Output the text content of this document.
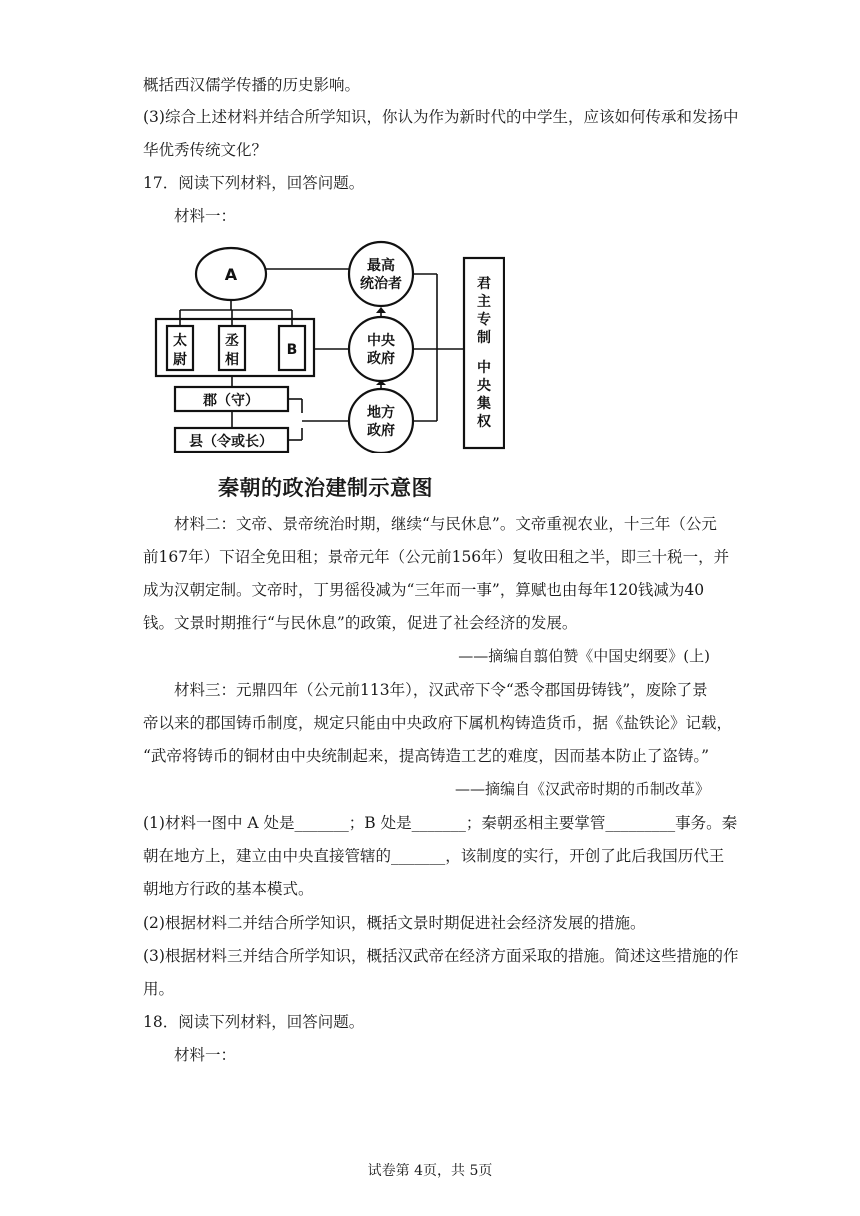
概括西汉儒学传播的历史影响。
(3)综合上述材料并结合所学知识，你认为作为新时代的中学生，应该如何传承和发扬中
华优秀传统文化？
17．阅读下列材料，回答问题。
材料一：
A
太
尉
丞
相
B
郡（守）
县（令或长）
最高
统治者
中央
政府
地方
政府
君
主
专
制
中
央
集
权
秦朝的政治建制示意图
材料二：文帝、景帝统治时期，继续“与民休息”。文帝重视农业，十三年（公元
前167年）下诏全免田租；景帝元年（公元前156年）复收田租之半，即三十税一，并
成为汉朝定制。文帝时，丁男徭役减为“三年而一事”，算赋也由每年120钱减为40
钱。文景时期推行“与民休息”的政策，促进了社会经济的发展。
——摘编自翦伯赞《中国史纲要》(上)
材料三：元鼎四年（公元前113年），汉武帝下令“悉令郡国毋铸钱”，废除了景
帝以来的郡国铸币制度，规定只能由中央政府下属机构铸造货币，据《盐铁论》记载，
“武帝将铸币的铜材由中央统制起来，提高铸造工艺的难度，因而基本防止了盗铸。”
——摘编自《汉武帝时期的币制改革》
(1)材料一图中 A 处是_______；B 处是_______；秦朝丞相主要掌管_________事务。秦
朝在地方上，建立由中央直接管辖的_______，该制度的实行，开创了此后我国历代王
朝地方行政的基本模式。
(2)根据材料二并结合所学知识，概括文景时期促进社会经济发展的措施。
(3)根据材料三并结合所学知识，概括汉武帝在经济方面采取的措施。简述这些措施的作
用。
18．阅读下列材料，回答问题。
材料一：
试卷第 4页，共 5页
